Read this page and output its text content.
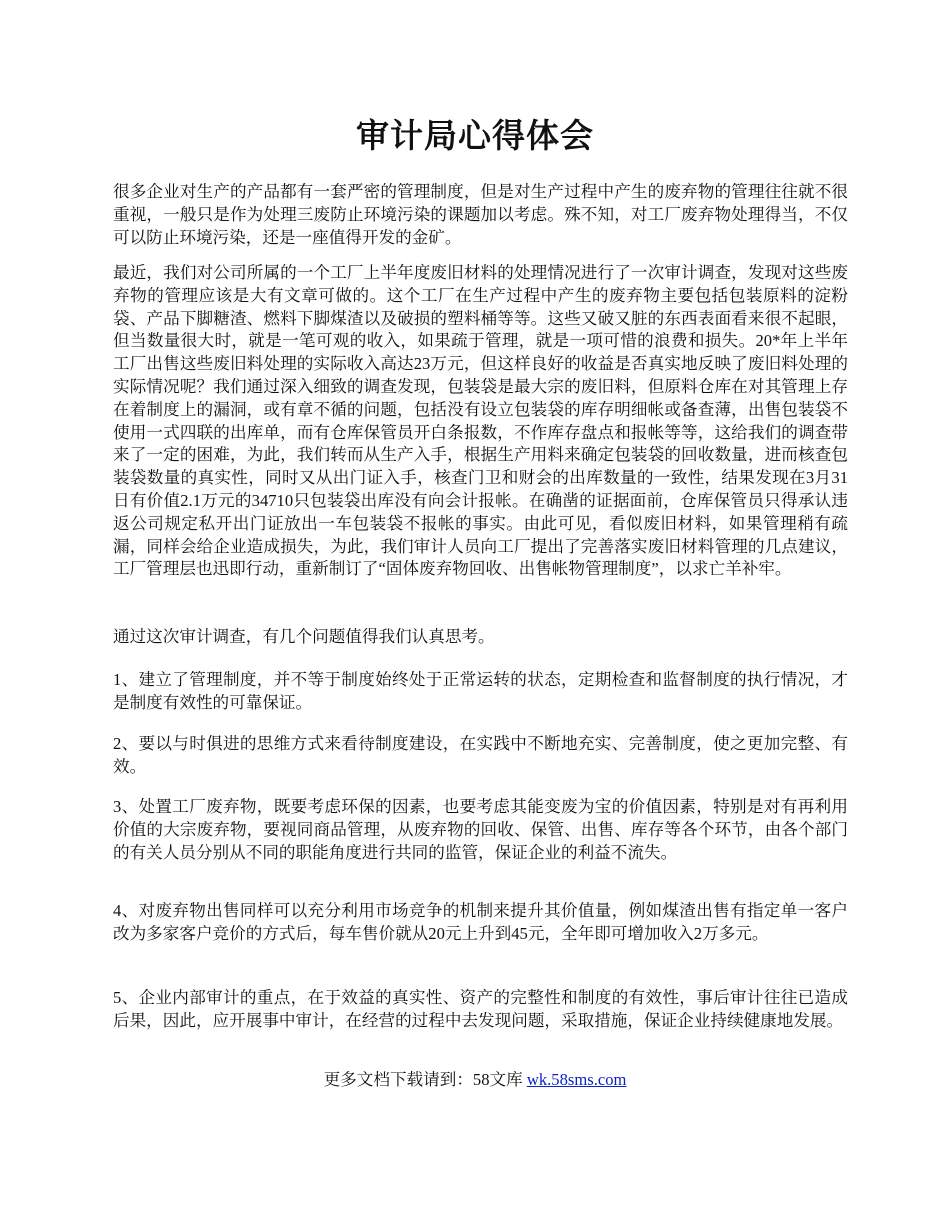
审计局心得体会

很多企业对生产的产品都有一套严密的管理制度，但是对生产过程中产生的废弃物的管理往往就不很重视，一般只是作为处理三废防止环境污染的课题加以考虑。殊不知，对工厂废弃物处理得当，不仅可以防止环境污染，还是一座值得开发的金矿。

最近，我们对公司所属的一个工厂上半年度废旧材料的处理情况进行了一次审计调查，发现对这些废弃物的管理应该是大有文章可做的。这个工厂在生产过程中产生的废弃物主要包括包装原料的淀粉袋、产品下脚糖渣、燃料下脚煤渣以及破损的塑料桶等等。这些又破又脏的东西表面看来很不起眼，但当数量很大时，就是一笔可观的收入，如果疏于管理，就是一项可惜的浪费和损失。20*年上半年工厂出售这些废旧料处理的实际收入高达23万元，但这样良好的收益是否真实地反映了废旧料处理的实际情况呢？我们通过深入细致的调查发现，包装袋是最大宗的废旧料，但原料仓库在对其管理上存在着制度上的漏洞，或有章不循的问题，包括没有设立包装袋的库存明细帐或备查薄，出售包装袋不使用一式四联的出库单，而有仓库保管员开白条报数，不作库存盘点和报帐等等，这给我们的调查带来了一定的困难，为此，我们转而从生产入手，根据生产用料来确定包装袋的回收数量，进而核查包装袋数量的真实性，同时又从出门证入手，核查门卫和财会的出库数量的一致性，结果发现在3月31日有价值2.1万元的34710只包装袋出库没有向会计报帐。在确凿的证据面前，仓库保管员只得承认违返公司规定私开出门证放出一车包装袋不报帐的事实。由此可见，看似废旧材料，如果管理稍有疏漏，同样会给企业造成损失，为此，我们审计人员向工厂提出了完善落实废旧材料管理的几点建议，工厂管理层也迅即行动，重新制订了“固体废弃物回收、出售帐物管理制度”，以求亡羊补牢。

通过这次审计调查，有几个问题值得我们认真思考。

1、建立了管理制度，并不等于制度始终处于正常运转的状态，定期检查和监督制度的执行情况，才是制度有效性的可靠保证。

2、要以与时俱进的思维方式来看待制度建设，在实践中不断地充实、完善制度，使之更加完整、有效。

3、处置工厂废弃物，既要考虑环保的因素，也要考虑其能变废为宝的价值因素，特别是对有再利用价值的大宗废弃物，要视同商品管理，从废弃物的回收、保管、出售、库存等各个环节，由各个部门的有关人员分别从不同的职能角度进行共同的监管，保证企业的利益不流失。

4、对废弃物出售同样可以充分利用市场竞争的机制来提升其价值量，例如煤渣出售有指定单一客户改为多家客户竞价的方式后，每车售价就从20元上升到45元，全年即可增加收入2万多元。

5、企业内部审计的重点，在于效益的真实性、资产的完整性和制度的有效性，事后审计往往已造成后果，因此，应开展事中审计，在经营的过程中去发现问题，采取措施，保证企业持续健康地发展。

更多文档下载请到：58文库 wk.58sms.com
